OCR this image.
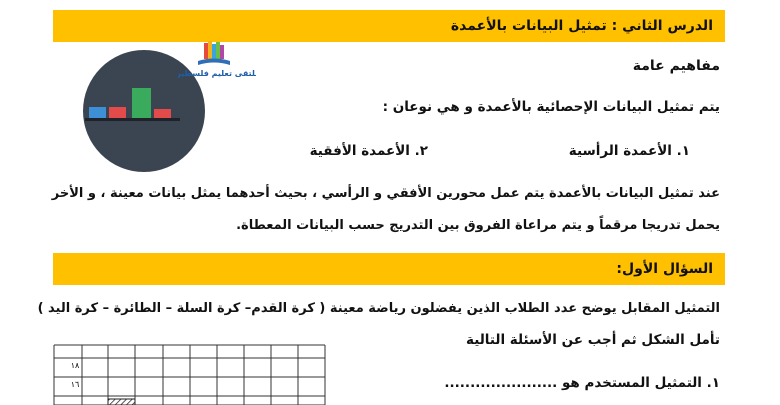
الدرس الثاني : تمثيل البيانات بالأعمدة
ملتقى تعليم فلسطين	مفاهيم عامة
يتم تمثيل البيانات الإحصائية بالأعمدة و هي نوعان :
١. الأعمدة الرأسية
٢. الأعمدة الأفقية
عند تمثيل البيانات بالأعمدة يتم عمل محورين الأفقي و الرأسي ، بحيث أحدهما يمثل بيانات معينة ، و الأخر
يحمل تدريجا مرقماً و يتم مراعاة الفروق بين التدريج حسب البيانات المعطاة.
السؤال الأول:
التمثيل المقابل يوضح عدد الطلاب الذين يفضلون رياضة معينة ( كرة القدم– كرة السلة – الطائرة – كرة اليد )
تأمل الشكل ثم أجب عن الأسئلة التالية
١. التمثيل المستخدم هو ......................
١٨
١٦
